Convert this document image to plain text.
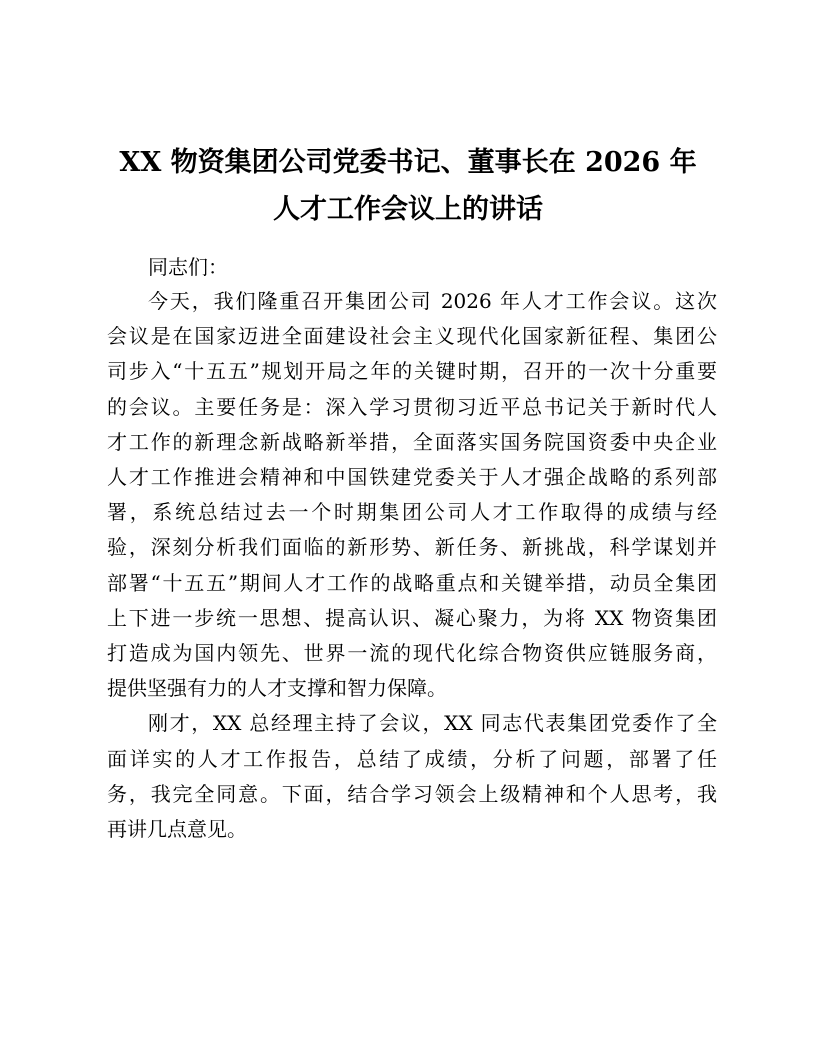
XX 物资集团公司党委书记、董事长在 2026 年
人才工作会议上的讲话

同志们：

今天，我们隆重召开集团公司 2026 年人才工作会议。这次

会议是在国家迈进全面建设社会主义现代化国家新征程、集团公

司步入“十五五”规划开局之年的关键时期，召开的一次十分重要

的会议。主要任务是：深入学习贯彻习近平总书记关于新时代人

才工作的新理念新战略新举措，全面落实国务院国资委中央企业

人才工作推进会精神和中国铁建党委关于人才强企战略的系列部

署，系统总结过去一个时期集团公司人才工作取得的成绩与经

验，深刻分析我们面临的新形势、新任务、新挑战，科学谋划并

部署“十五五”期间人才工作的战略重点和关键举措，动员全集团

上下进一步统一思想、提高认识、凝心聚力，为将 XX 物资集团

打造成为国内领先、世界一流的现代化综合物资供应链服务商，

提供坚强有力的人才支撑和智力保障。

刚才，XX 总经理主持了会议，XX 同志代表集团党委作了全

面详实的人才工作报告，总结了成绩，分析了问题，部署了任

务，我完全同意。下面，结合学习领会上级精神和个人思考，我

再讲几点意见。
